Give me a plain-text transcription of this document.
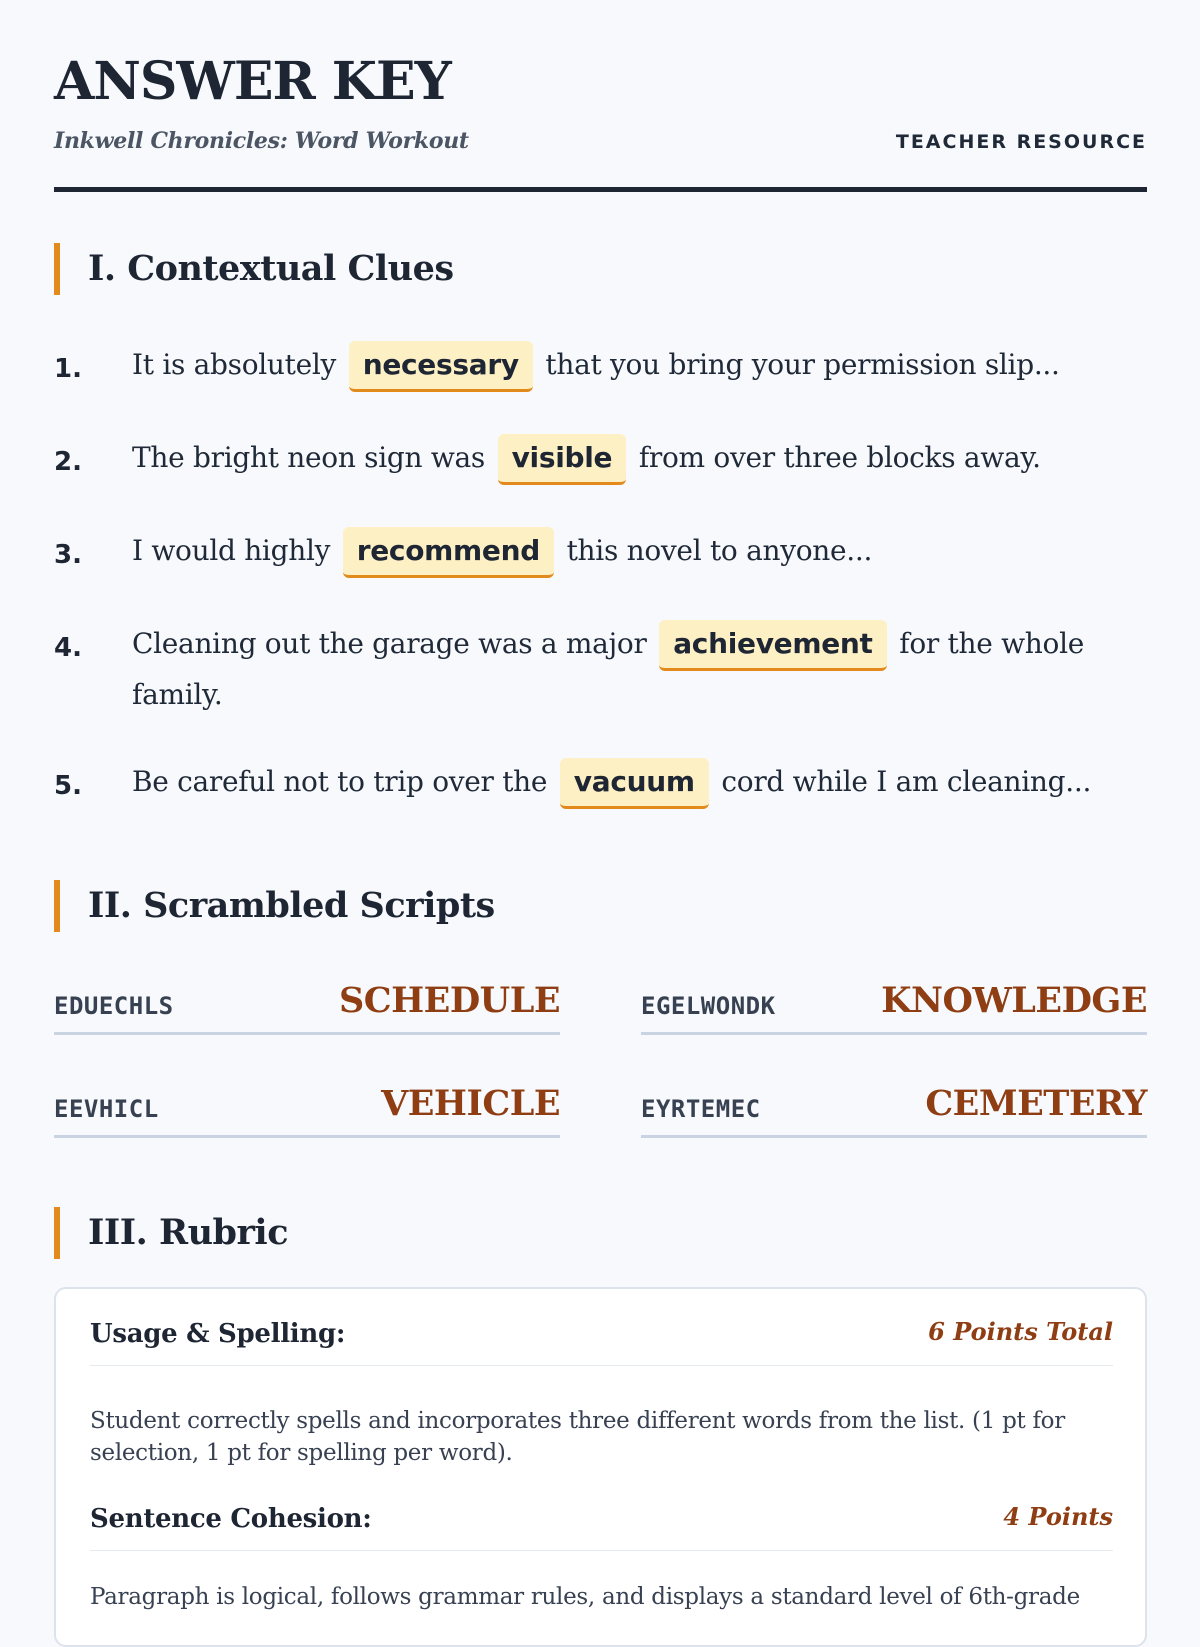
ANSWER KEY
Inkwell Chronicles: Word Workout	TEACHER RESOURCE
I. Contextual Clues
1. It is absolutely necessary that you bring your permission slip...
2. The bright neon sign was visible from over three blocks away.
3. I would highly recommend this novel to anyone...
4. Cleaning out the garage was a major achievement for the whole family.
5. Be careful not to trip over the vacuum cord while I am cleaning...
II. Scrambled Scripts
EDUECHLS	SCHEDULE	EGELWONDK	KNOWLEDGE
EEVHICL	VEHICLE	EYRTEMEC	CEMETERY
III. Rubric
Usage & Spelling:	6 Points Total
Student correctly spells and incorporates three different words from the list. (1 pt for selection, 1 pt for spelling per word).
Sentence Cohesion:	4 Points
Paragraph is logical, follows grammar rules, and displays a standard level of 6th-grade
